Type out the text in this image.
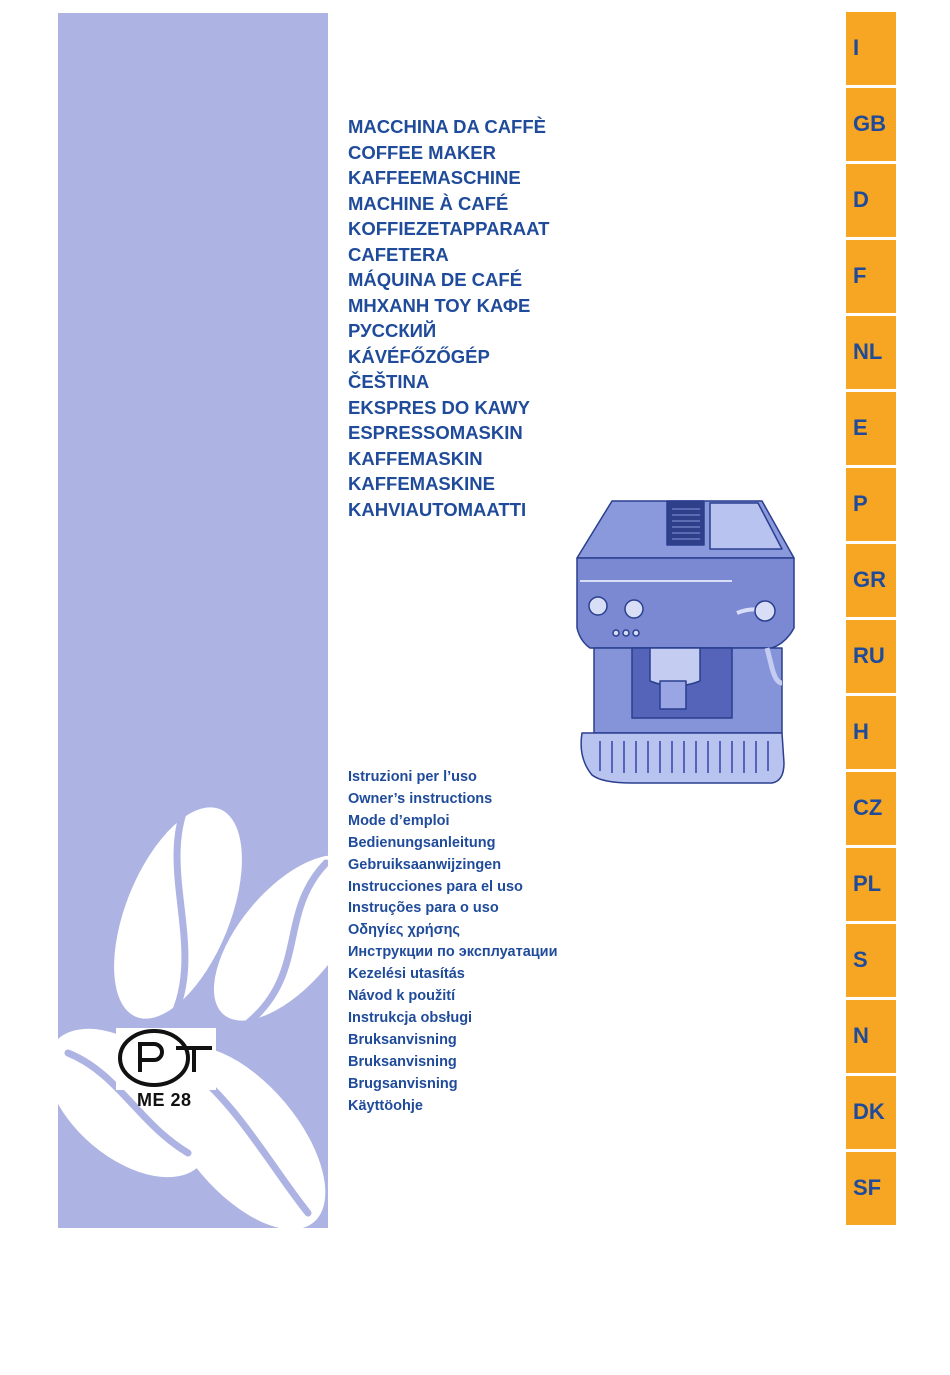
ME 28
MACCHINA DA CAFFÈ
COFFEE MAKER
KAFFEEMASCHINE
MACHINE À CAFÉ
KOFFIEZETAPPARAAT
CAFETERA
MÁQUINA DE CAFÉ
ΜΗΧΑΝΗ ΤΟΥ ΚΑΦΕ
РУССКИЙ
KÁVÉFŐZŐGÉP
ČEŠTINA
EKSPRES DO KAWY
ESPRESSOMASKIN
KAFFEMASKIN
KAFFEMASKINE
KAHVIAUTOMAATTI
Istruzioni per l’uso
Owner’s instructions
Mode d’emploi
Bedienungsanleitung
Gebruiksaanwijzingen
Instrucciones para el uso
Instruções para o uso
Οδηγίες χρήσης
Инструкции по эксплуатации
Kezelési utasítás
Návod k použití
Instrukcja obsługi
Bruksanvisning
Bruksanvisning
Brugsanvisning
Käyttöohje
I
GB
D
F
NL
E
P
GR
RU
H
CZ
PL
S
N
DK
SF
